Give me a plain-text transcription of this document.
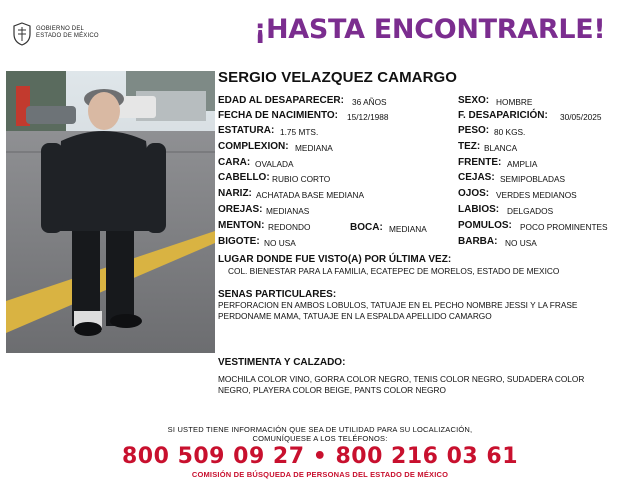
GOBIERNO DEL
ESTADO DE MÉXICO	¡HASTA ENCONTRARLE!
SERGIO VELAZQUEZ CAMARGO
EDAD AL DESAPARECER: 36 AÑOS
FECHA DE NACIMIENTO: 15/12/1988
ESTATURA: 1.75 MTS.
COMPLEXION: MEDIANA
CARA: OVALADA
CABELLO: RUBIO CORTO
NARIZ: ACHATADA BASE MEDIANA
OREJAS: MEDIANAS
MENTON: REDONDO	BOCA: MEDIANA
BIGOTE: NO USA
SEXO: HOMBRE
F. DESAPARICIÓN: 30/05/2025
PESO: 80 KGS.
TEZ: BLANCA
FRENTE: AMPLIA
CEJAS: SEMIPOBLADAS
OJOS: VERDES MEDIANOS
LABIOS: DELGADOS
POMULOS: POCO PROMINENTES
BARBA: NO USA
LUGAR DONDE FUE VISTO(A) POR ÚLTIMA VEZ:
COL. BIENESTAR PARA LA FAMILIA, ECATEPEC DE MORELOS, ESTADO DE MEXICO
SENAS PARTICULARES:
PERFORACION EN AMBOS LOBULOS, TATUAJE EN EL PECHO NOMBRE JESSI Y LA FRASE PERDONAME MAMA, TATUAJE EN LA ESPALDA APELLIDO CAMARGO
VESTIMENTA Y CALZADO:
MOCHILA COLOR VINO, GORRA COLOR NEGRO, TENIS COLOR NEGRO, SUDADERA COLOR NEGRO, PLAYERA COLOR BEIGE, PANTS COLOR NEGRO
SI USTED TIENE INFORMACIÓN QUE SEA DE UTILIDAD PARA SU LOCALIZACIÓN,
COMUNÍQUESE A LOS TELÉFONOS:
800 509 09 27 • 800 216 03 61
COMISIÓN DE BÚSQUEDA DE PERSONAS DEL ESTADO DE MÉXICO
